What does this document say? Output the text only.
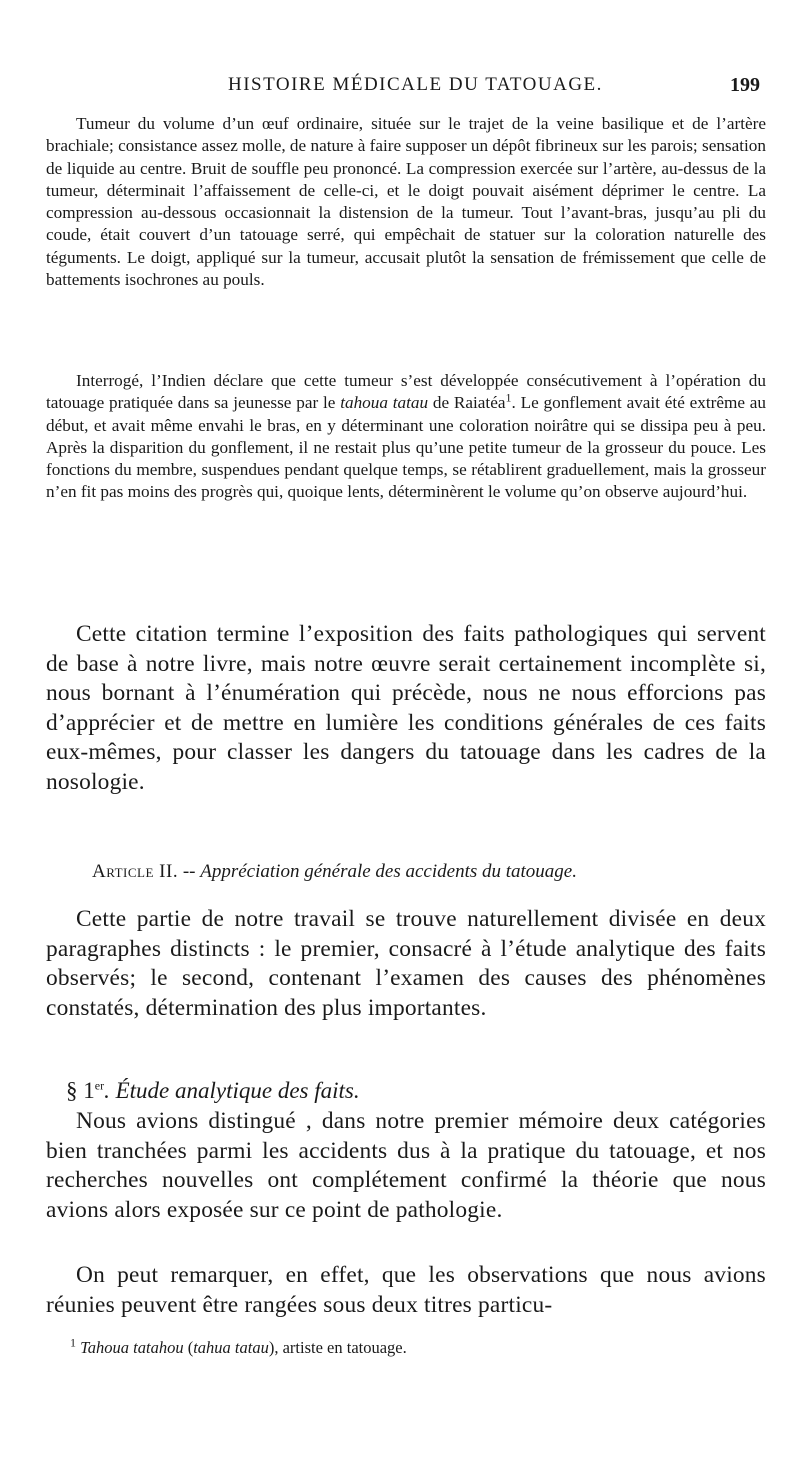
HISTOIRE MÉDICALE DU TATOUAGE.	199

Tumeur du volume d’un œuf ordinaire, située sur le trajet de la veine basilique et de l’artère brachiale; consistance assez molle, de nature à faire supposer un dépôt fibrineux sur les parois; sensation de liquide au centre. Bruit de souffle peu prononcé. La compression exercée sur l’artère, au-dessus de la tumeur, déterminait l’affaissement de celle-ci, et le doigt pouvait aisément déprimer le centre. La compression au-dessous occasionnait la distension de la tumeur. Tout l’avant-bras, jusqu’au pli du coude, était couvert d’un tatouage serré, qui empêchait de statuer sur la coloration naturelle des téguments. Le doigt, appliqué sur la tumeur, accusait plutôt la sensation de frémissement que celle de battements isochrones au pouls.

Interrogé, l’Indien déclare que cette tumeur s’est développée consécutivement à l’opération du tatouage pratiquée dans sa jeunesse par le tahoua tatau de Raiatéa$^1$. Le gonflement avait été extrême au début, et avait même envahi le bras, en y déterminant une coloration noirâtre qui se dissipa peu à peu. Après la disparition du gonflement, il ne restait plus qu’une petite tumeur de la grosseur du pouce. Les fonctions du membre, suspendues pendant quelque temps, se rétablirent graduellement, mais la grosseur n’en fit pas moins des progrès qui, quoique lents, déterminèrent le volume qu’on observe aujourd’hui.

Cette citation termine l’exposition des faits pathologiques qui servent de base à notre livre, mais notre œuvre serait certainement incomplète si, nous bornant à l’énumération qui précède, nous ne nous efforcions pas d’apprécier et de mettre en lumière les conditions générales de ces faits eux-mêmes, pour classer les dangers du tatouage dans les cadres de la nosologie.

Article II. -- Appréciation générale des accidents du tatouage.

Cette partie de notre travail se trouve naturellement divisée en deux paragraphes distincts : le premier, consacré à l’étude analytique des faits observés; le second, contenant l’examen des causes des phénomènes constatés, détermination des plus importantes.

§ 1er. Étude analytique des faits.

Nous avions distingué , dans notre premier mémoire deux catégories bien tranchées parmi les accidents dus à la pratique du tatouage, et nos recherches nouvelles ont complétement confirmé la théorie que nous avions alors exposée sur ce point de pathologie.

On peut remarquer, en effet, que les observations que nous avions réunies peuvent être rangées sous deux titres particu-

$^1$ Tahoua tatahou (tahua tatau), artiste en tatouage.
